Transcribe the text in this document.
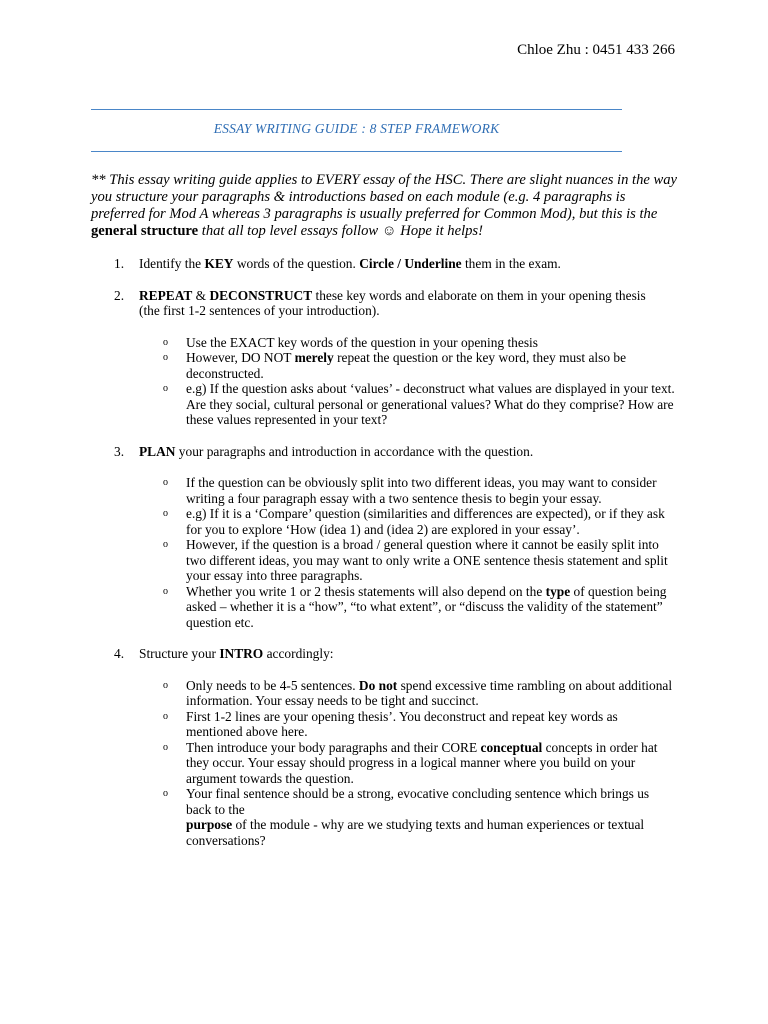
Chloe Zhu : 0451 433 266
ESSAY WRITING GUIDE : 8 STEP FRAMEWORK
** This essay writing guide applies to EVERY essay of the HSC. There are slight nuances in the way you structure your paragraphs & introductions based on each module (e.g. 4 paragraphs is preferred for Mod A whereas 3 paragraphs is usually preferred for Common Mod), but this is the general structure that all top level essays follow ☺ Hope it helps!
1. Identify the KEY words of the question. Circle / Underline them in the exam.
2. REPEAT & DECONSTRUCT these key words and elaborate on them in your opening thesis (the first 1-2 sentences of your introduction).
o Use the EXACT key words of the question in your opening thesis
o However, DO NOT merely repeat the question or the key word, they must also be deconstructed.
o e.g) If the question asks about ‘values’ - deconstruct what values are displayed in your text. Are they social, cultural personal or generational values? What do they comprise? How are these values represented in your text?
3. PLAN your paragraphs and introduction in accordance with the question.
o If the question can be obviously split into two different ideas, you may want to consider writing a four paragraph essay with a two sentence thesis to begin your essay.
o e.g) If it is a ‘Compare’ question (similarities and differences are expected), or if they ask for you to explore ‘How (idea 1) and (idea 2) are explored in your essay’.
o However, if the question is a broad / general question where it cannot be easily split into two different ideas, you may want to only write a ONE sentence thesis statement and split your essay into three paragraphs.
o Whether you write 1 or 2 thesis statements will also depend on the type of question being asked – whether it is a “how”, “to what extent”, or “discuss the validity of the statement” question etc.
4. Structure your INTRO accordingly:
o Only needs to be 4-5 sentences. Do not spend excessive time rambling on about additional information. Your essay needs to be tight and succinct.
o First 1-2 lines are your opening thesis’. You deconstruct and repeat key words as mentioned above here.
o Then introduce your body paragraphs and their CORE conceptual concepts in order hat they occur. Your essay should progress in a logical manner where you build on your argument towards the question.
o Your final sentence should be a strong, evocative concluding sentence which brings us back to the
purpose of the module - why are we studying texts and human experiences or textual conversations?
